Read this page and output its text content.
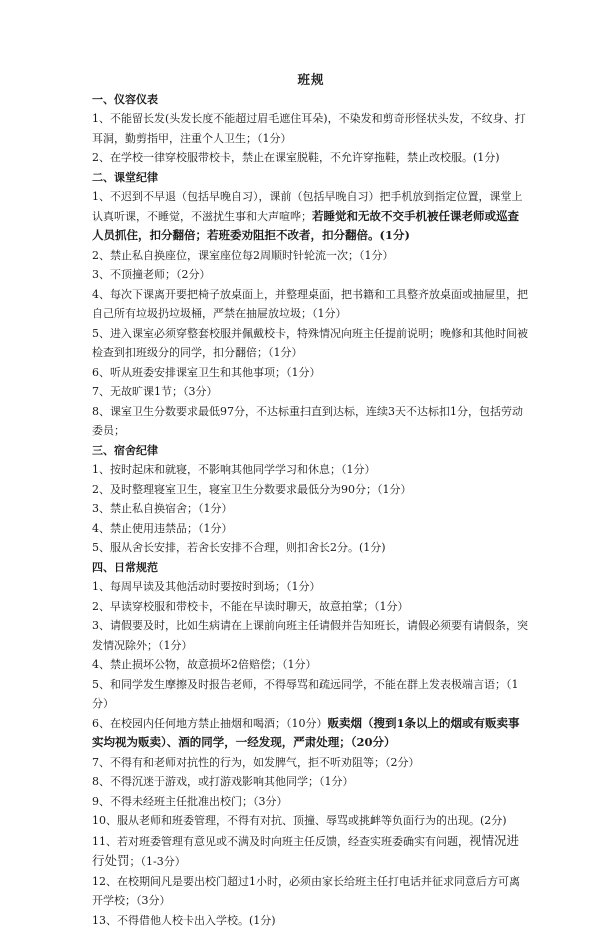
班规
一、仪容仪表
1、不能留长发(头发长度不能超过眉毛遮住耳朵)，不染发和剪奇形怪状头发，不纹身、打耳洞，勤剪指甲，注重个人卫生；（1分）
2、在学校一律穿校服带校卡，禁止在课室脱鞋，不允许穿拖鞋，禁止改校服。(1分)
二、课堂纪律
1、不迟到不早退（包括早晚自习），课前（包括早晚自习）把手机放到指定位置，课堂上认真听课，不睡觉，不滋扰生事和大声喧哗；若睡觉和无故不交手机被任课老师或巡查人员抓住，扣分翻倍；若班委劝阻拒不改者，扣分翻倍。(1分)
2、禁止私自换座位，课室座位每2周顺时针轮流一次；（1分）
3、不顶撞老师；（2分）
4、每次下课离开要把椅子放桌面上，并整理桌面，把书籍和工具整齐放桌面或抽屉里，把自己所有垃圾扔垃圾桶，严禁在抽屉放垃圾；（1分）
5、进入课室必须穿整套校服并佩戴校卡，特殊情况向班主任提前说明；晚修和其他时间被检查到扣班级分的同学，扣分翻倍；（1分）
6、听从班委安排课室卫生和其他事项；（1分）
7、无故旷课1节；（3分）
8、课室卫生分数要求最低97分，不达标重扫直到达标，连续3天不达标扣1分，包括劳动委员；
三、宿舍纪律
1、按时起床和就寝，不影响其他同学学习和休息；（1分）
2、及时整理寝室卫生，寝室卫生分数要求最低分为90分；（1分）
3、禁止私自换宿舍；（1分）
4、禁止使用违禁品；（1分）
5、服从舍长安排，若舍长安排不合理，则扣舍长2分。(1分)
四、日常规范
1、每周早读及其他活动时要按时到场；（1分）
2、早读穿校服和带校卡，不能在早读时聊天，故意拍掌；（1分）
3、请假要及时，比如生病请在上课前向班主任请假并告知班长，请假必须要有请假条，突发情况除外；（1分）
4、禁止损坏公物，故意损坏2倍赔偿；（1分）
5、和同学发生摩擦及时报告老师，不得辱骂和疏远同学，不能在群上发表极端言语；（1分）
6、在校园内任何地方禁止抽烟和喝酒；（10分）贩卖烟（搜到1条以上的烟或有贩卖事实均视为贩卖）、酒的同学，一经发现，严肃处理；（20分）
7、不得有和老师对抗性的行为，如发脾气，拒不听劝阻等；（2分）
8、不得沉迷于游戏，或打游戏影响其他同学；（1分）
9、不得未经班主任批准出校门；（3分）
10、服从老师和班委管理，不得有对抗、顶撞、辱骂或挑衅等负面行为的出现。(2分)
11、若对班委管理有意见或不满及时向班主任反馈，经查实班委确实有问题，视情况进行处罚；（1-3分）
12、在校期间凡是要出校门超过1小时，必须由家长给班主任打电话并征求同意后方可离开学校；（3分）
13、不得借他人校卡出入学校。(1分)
